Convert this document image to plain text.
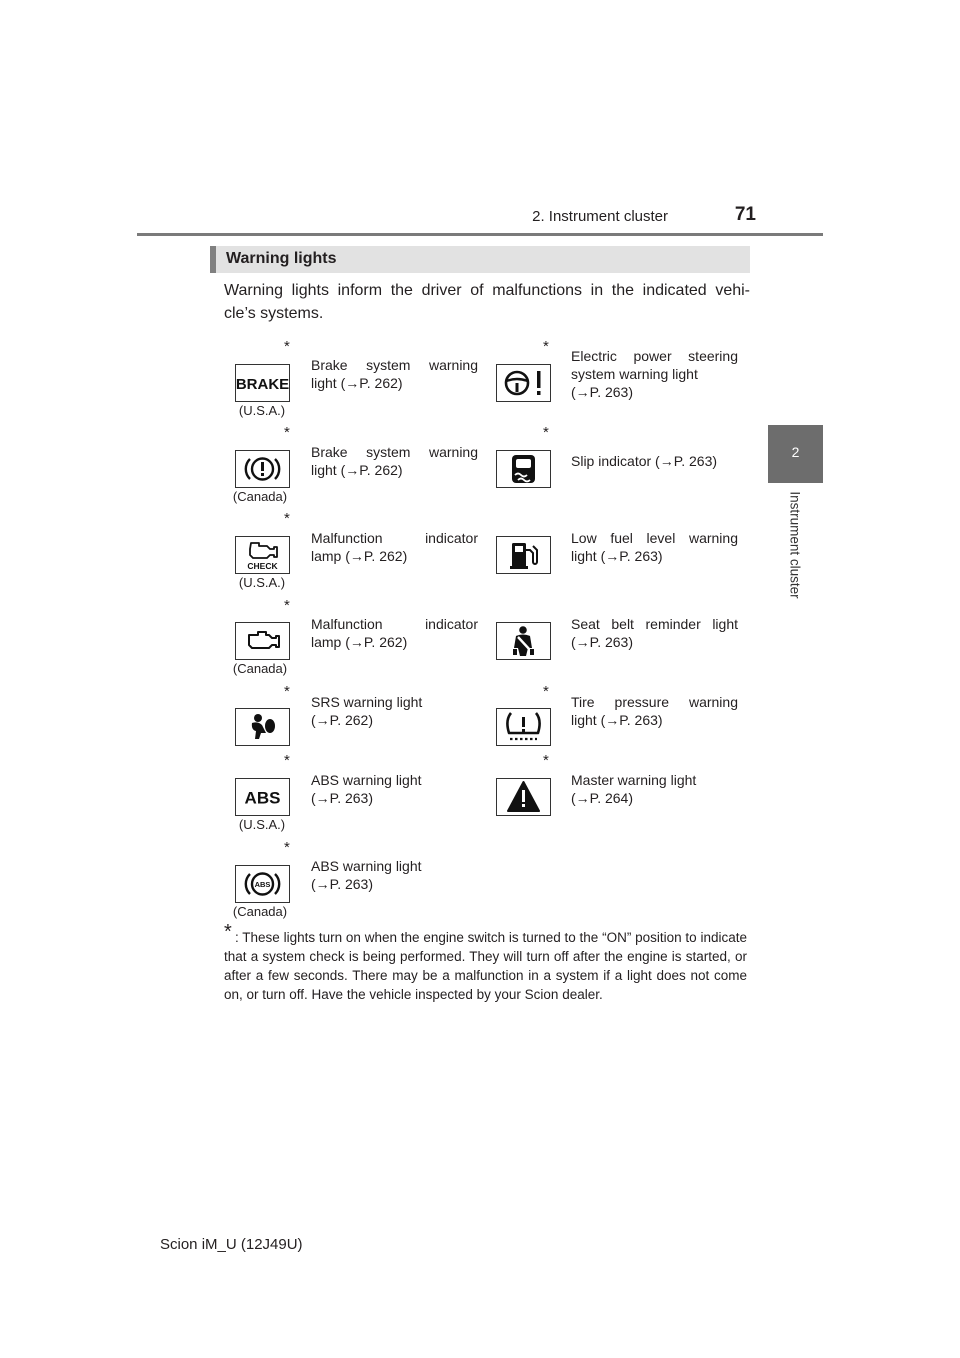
2. Instrument cluster	71
2
Instrument cluster
Warning lights
Warning lights inform the driver of malfunctions in the indicated vehi-
cle’s systems.
*
BRAKE
(U.S.A.)
Brake system warning
light (→P. 262)
*
(Canada)
Brake system warning
light (→P. 262)
*
CHECK
(U.S.A.)
Malfunction indicator
lamp (→P. 262)
*
(Canada)
Malfunction indicator
lamp (→P. 262)
*
SRS warning light
(→P. 262)
*
ABS
(U.S.A.)
ABS warning light
(→P. 263)
*
ABS
(Canada)
ABS warning light
(→P. 263)
*
Electric power steering
system warning light
(→P. 263)
*
Slip indicator (→P. 263)
Low fuel level warning
light (→P. 263)
Seat belt reminder light
(→P. 263)
*
Tire pressure warning
light (→P. 263)
*
Master warning light
(→P. 264)
* : These lights turn on when the engine switch is turned to the “ON” position to indicate that a system check is being performed. They will turn off after the engine is started, or after a few seconds. There may be a malfunction in a system if a light does not come on, or turn off. Have the vehicle inspected by your Scion dealer.

Scion iM_U (12J49U)
